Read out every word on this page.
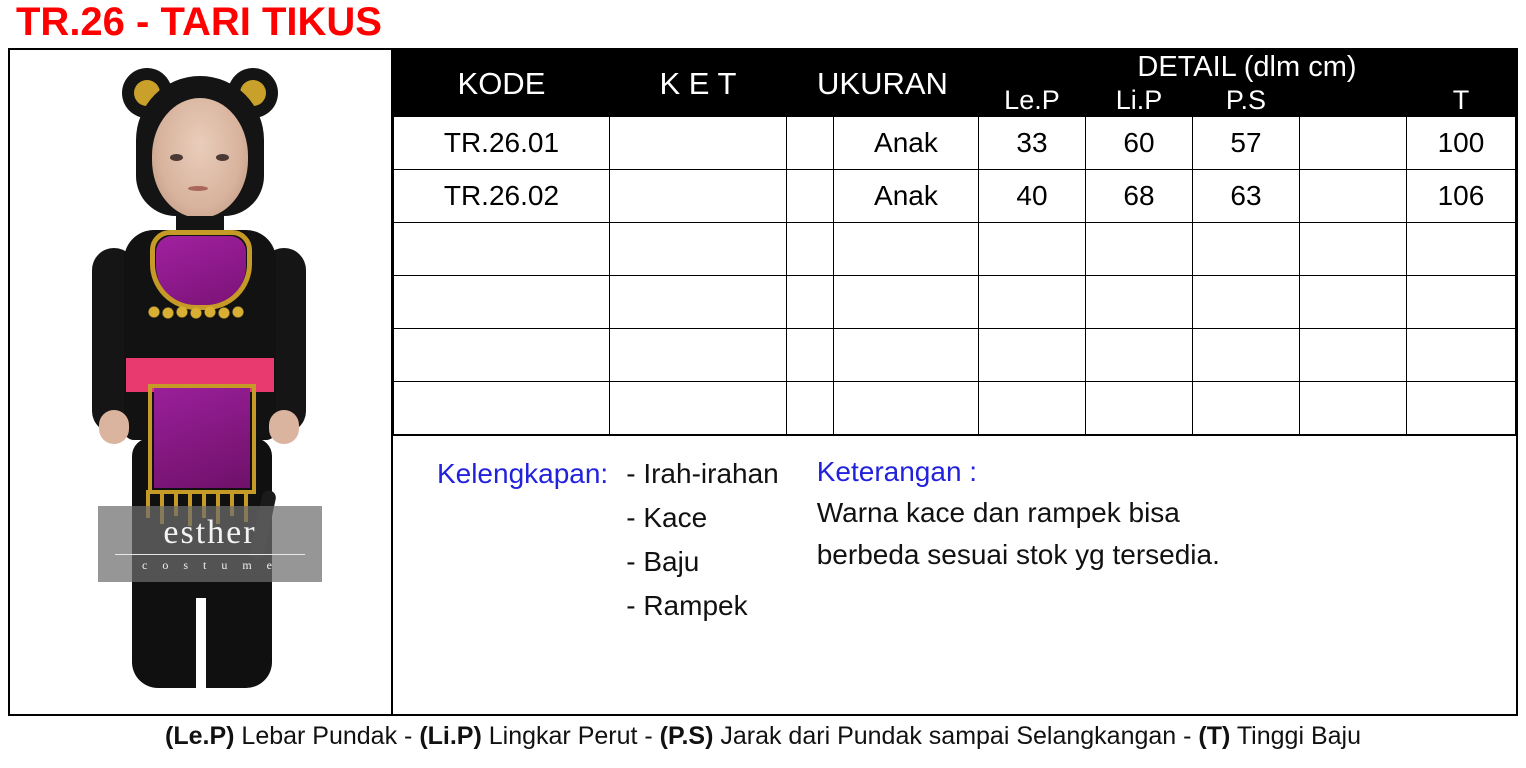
TR.26 - TARI TIKUS
esther
c o s t u m e
KODE	K E T	UKURAN		DETAIL (dlm cm)				
				Le.P	Li.P	P.S		T
TR.26.01			Anak	33	60	57		100
TR.26.02			Anak	40	68	63		106

Kelengkapan: - Irah-irahan
- Kace
- Baju
- Rampek
Keterangan :
Warna kace dan rampek bisa
berbeda sesuai stok yg tersedia.
(Le.P) Lebar Pundak - (Li.P) Lingkar Perut - (P.S) Jarak dari Pundak sampai Selangkangan - (T) Tinggi Baju
